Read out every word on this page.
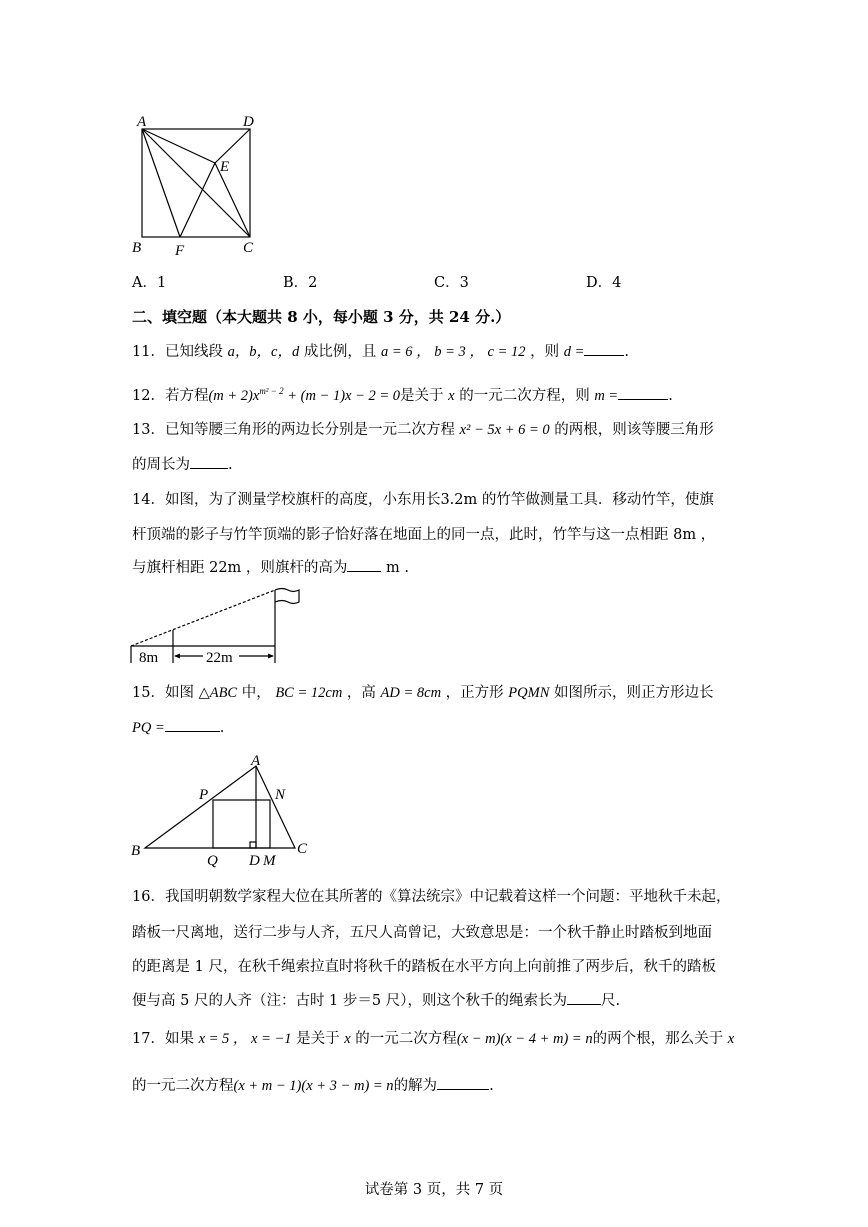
A	D
E
B F	C
A．1	B．2	C．3	D．4
二、填空题（本大题共 8 小，每小题 3 分，共 24 分.）
11．已知线段 a，b，c，d 成比例，且 a = 6 ， b = 3 ， c = 12 ，则 d =	.
12．若方程$(m + 2)x^{m^2 - 2} + (m - 1)x - 2 = 0$是关于 x 的一元二次方程，则 m =	.
13．已知等腰三角形的两边长分别是一元二次方程 x² − 5x + 6 = 0 的两根，则该等腰三角形
的周长为	.
14．如图，为了测量学校旗杆的高度，小东用长3.2m 的竹竿做测量工具．移动竹竿，使旗
杆顶端的影子与竹竿顶端的影子恰好落在地面上的同一点，此时，竹竿与这一点相距 8m ，
与旗杆相距 22m ，则旗杆的高为 m .
8m	22m
15．如图 △ABC 中， BC = 12cm ，高 AD = 8cm ，正方形 PQMN 如图所示，则正方形边长
PQ =	.
A
P	N
B
Q D M
C
16．我国明朝数学家程大位在其所著的《算法统宗》中记载着这样一个问题：平地秋千未起，
踏板一尺离地，送行二步与人齐，五尺人高曾记，大致意思是：一个秋千静止时踏板到地面
的距离是 1 尺，在秋千绳索拉直时将秋千的踏板在水平方向上向前推了两步后，秋千的踏板
便与高 5 尺的人齐（注：古时 1 步＝5 尺），则这个秋千的绳索长为 尺.
17．如果 x = 5 ， x = −1 是关于 x 的一元二次方程(x − m)(x − 4 + m) = n的两个根，那么关于 x
的一元二次方程(x + m − 1)(x + 3 − m) = n的解为	.
试卷第 3 页，共 7 页
